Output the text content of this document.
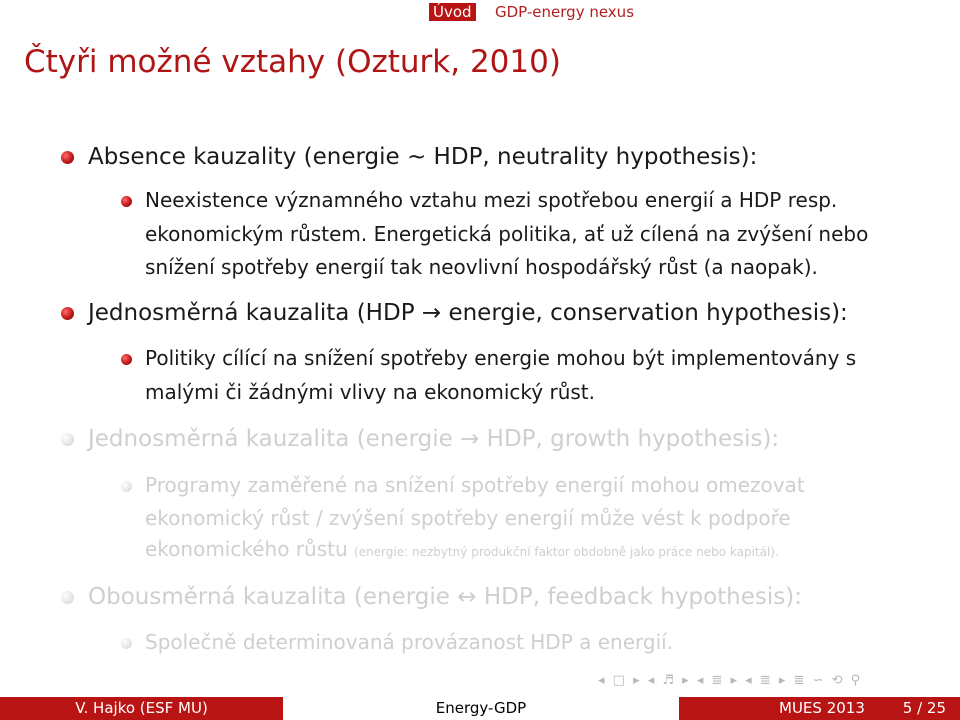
Úvod GDP-energy nexus
Čtyři možné vztahy (Ozturk, 2010)
Absence kauzality (energie ∼ HDP, neutrality hypothesis):
Neexistence významného vztahu mezi spotřebou energií a HDP resp.
ekonomickým růstem. Energetická politika, ať už cílená na zvýšení nebo
snížení spotřeby energií tak neovlivní hospodářský růst (a naopak).
Jednosměrná kauzalita (HDP → energie, conservation hypothesis):
Politiky cílící na snížení spotřeby energie mohou být implementovány s
malými či žádnými vlivy na ekonomický růst.
Jednosměrná kauzalita (energie → HDP, growth hypothesis):
Programy zaměřené na snížení spotřeby energií mohou omezovat
ekonomický růst / zvýšení spotřeby energií může vést k podpoře
ekonomického růstu (energie: nezbytný produkční faktor obdobně jako práce nebo kapitál).
Obousměrná kauzalita (energie ↔ HDP, feedback hypothesis):
Společně determinovaná provázanost HDP a energií.
◂ □ ▸ ◂ ♬ ▸ ◂ ≣ ▸ ◂ ≣ ▸ ≣ ∽ ⟲ ⚲
V. Hajko (ESF MU)	Energy-GDP	MUES 2013	5 / 25
